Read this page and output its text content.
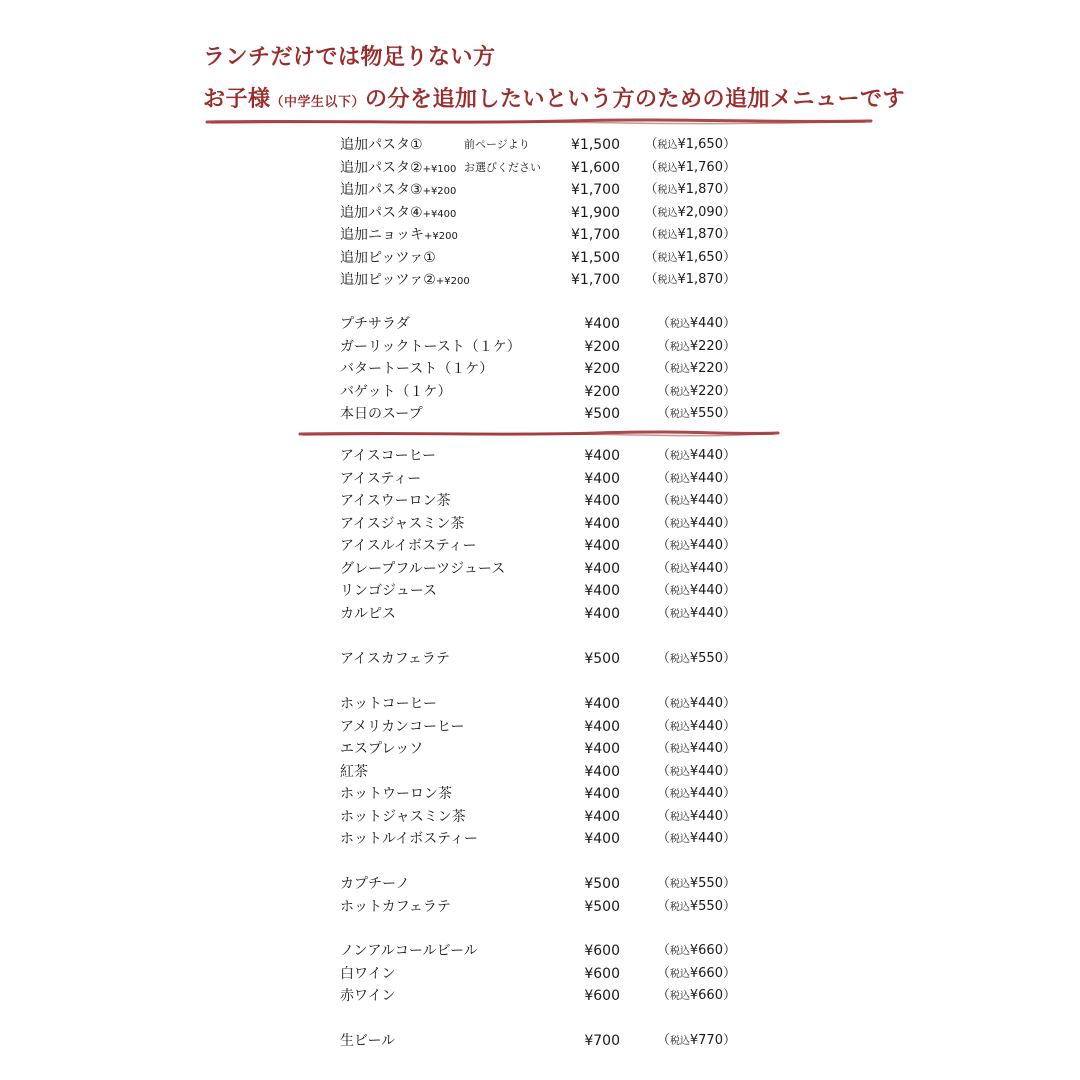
ランチだけでは物足りない方
お子様（中学生以下）の分を追加したいという方のための追加メニューです
追加パスタ①	前ページより	¥1,500 （税込¥1,650）
追加パスタ②+¥100 お選びください ¥1,600 （税込¥1,760）
追加パスタ③+¥200	¥1,700 （税込¥1,870）
追加パスタ④+¥400	¥1,900 （税込¥2,090）
追加ニョッキ+¥200	¥1,700 （税込¥1,870）
追加ピッツァ①	¥1,500 （税込¥1,650）
追加ピッツァ②+¥200	¥1,700 （税込¥1,870）
プチサラダ	¥400	（税込¥440）
ガーリックトースト（１ケ）	¥200	（税込¥220）
バタートースト（１ケ）	¥200	（税込¥220）
バゲット（１ケ）	¥200	（税込¥220）
本日のスープ	¥500	（税込¥550）
アイスコーヒー	¥400	（税込¥440）
アイスティー	¥400	（税込¥440）
アイスウーロン茶	¥400	（税込¥440）
アイスジャスミン茶	¥400	（税込¥440）
アイスルイボスティー	¥400	（税込¥440）
グレープフルーツジュース	¥400	（税込¥440）
リンゴジュース	¥400	（税込¥440）
カルピス	¥400	（税込¥440）
アイスカフェラテ	¥500	（税込¥550）
ホットコーヒー	¥400	（税込¥440）
アメリカンコーヒー	¥400	（税込¥440）
エスプレッソ	¥400	（税込¥440）
紅茶	¥400	（税込¥440）
ホットウーロン茶	¥400	（税込¥440）
ホットジャスミン茶	¥400	（税込¥440）
ホットルイボスティー	¥400	（税込¥440）
カプチーノ	¥500	（税込¥550）
ホットカフェラテ	¥500	（税込¥550）
ノンアルコールビール	¥600	（税込¥660）
白ワイン	¥600	（税込¥660）
赤ワイン	¥600	（税込¥660）
生ビール	¥700	（税込¥770）
